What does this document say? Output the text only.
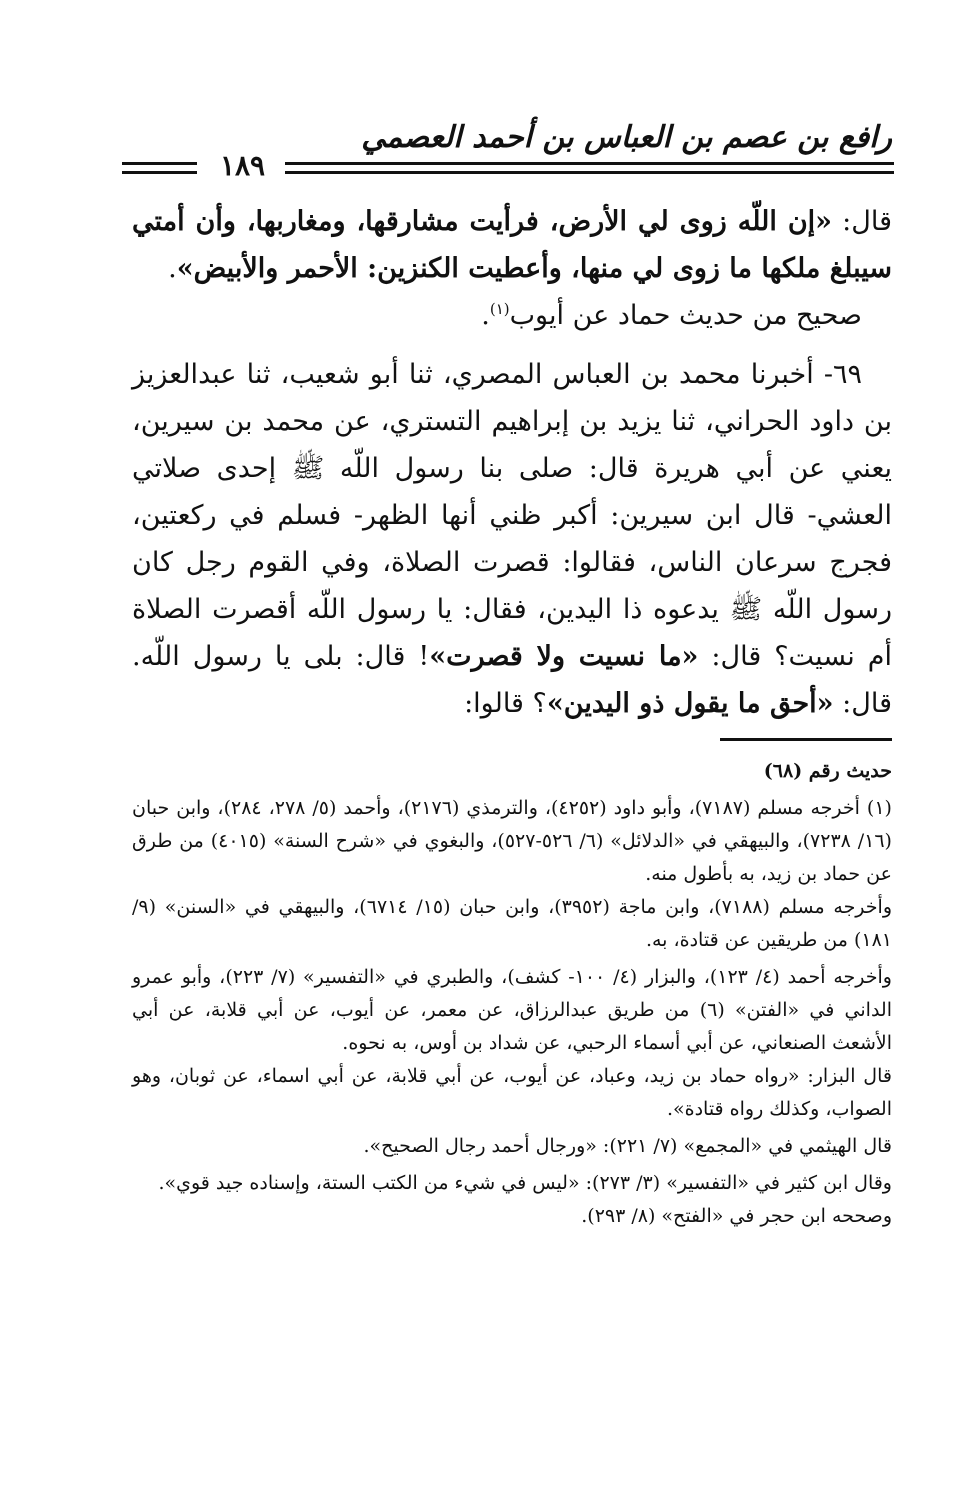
رافع بن عصم بن العباس بن أحمد العصمي
١٨٩

قال: «إن اللّه زوى لي الأرض، فرأيت مشارقها، ومغاربها، وأن أمتي سيبلغ ملكها ما زوى لي منها، وأعطيت الكنزين: الأحمر والأبيض».

صحيح من حديث حماد عن أيوب$^{(١)}$.

٦٩- أخبرنا محمد بن العباس المصري، ثنا أبو شعيب، ثنا عبدالعزيز بن داود الحراني، ثنا يزيد بن إبراهيم التستري، عن محمد بن سيرين، يعني عن أبي هريرة قال: صلى بنا رسول اللّه ﷺ إحدى صلاتي العشي- قال ابن سيرين: أكبر ظني أنها الظهر- فسلم في ركعتين، فجرج سرعان الناس، فقالوا: قصرت الصلاة، وفي القوم رجل كان رسول اللّه ﷺ يدعوه ذا اليدين، فقال: يا رسول اللّه أقصرت الصلاة أم نسيت؟ قال: «ما نسيت ولا قصرت»! قال: بلى يا رسول اللّه. قال: «أحق ما يقول ذو اليدين»؟ قالوا:

حديث رقم (٦٨)

(١) أخرجه مسلم (٧١٨٧)، وأبو داود (٤٢٥٢)، والترمذي (٢١٧٦)، وأحمد (٥/ ٢٧٨، ٢٨٤)، وابن حبان (١٦/ ٧٢٣٨)، والبيهقي في «الدلائل» (٦/ ٥٢٦-٥٢٧)، والبغوي في «شرح السنة» (٤٠١٥) من طرق عن حماد بن زيد، به بأطول منه.

وأخرجه مسلم (٧١٨٨)، وابن ماجة (٣٩٥٢)، وابن حبان (١٥/ ٦٧١٤)، والبيهقي في «السنن» (٩/ ١٨١) من طريقين عن قتادة، به.

وأخرجه أحمد (٤/ ١٢٣)، والبزار (٤/ ١٠٠- كشف)، والطبري في «التفسير» (٧/ ٢٢٣)، وأبو عمرو الداني في «الفتن» (٦) من طريق عبدالرزاق، عن معمر، عن أيوب، عن أبي قلابة، عن أبي الأشعث الصنعاني، عن أبي أسماء الرحبي، عن شداد بن أوس، به نحوه.

قال البزار: «رواه حماد بن زيد، وعباد، عن أيوب، عن أبي قلابة، عن أبي اسماء، عن ثوبان، وهو الصواب، وكذلك رواه قتادة».

قال الهيثمي في «المجمع» (٧/ ٢٢١): «ورجال أحمد رجال الصحيح».

وقال ابن كثير في «التفسير» (٣/ ٢٧٣): «ليس في شيء من الكتب الستة، وإسناده جيد قوي».

وصححه ابن حجر في «الفتح» (٨/ ٢٩٣).
